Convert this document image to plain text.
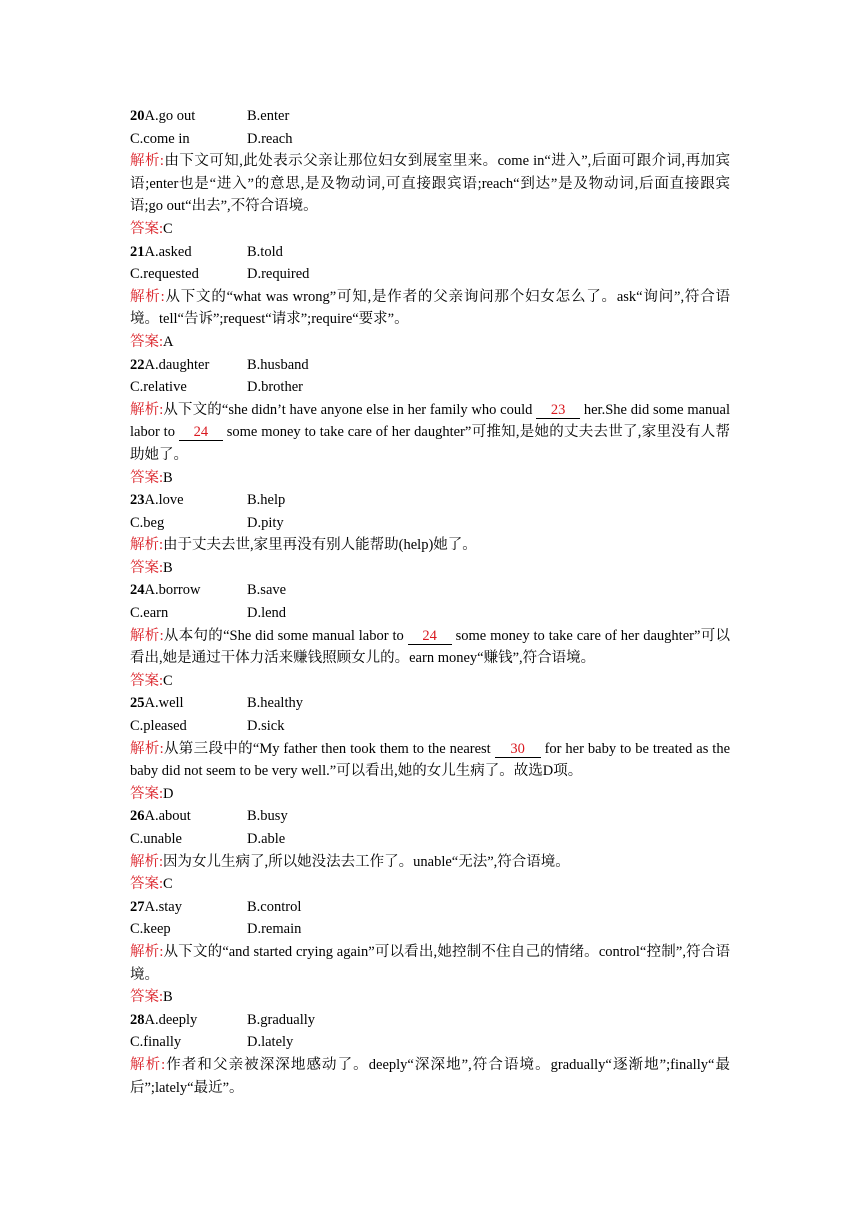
20A.go out	B.enter
C.come in	D.reach
解析:由下文可知,此处表示父亲让那位妇女到展室里来。come in“进入”,后面可跟介词,再加宾语;enter也是“进入”的意思,是及物动词,可直接跟宾语;reach“到达”是及物动词,后面直接跟宾语;go out“出去”,不符合语境。
答案:C
21A.asked	B.told
C.requested	D.required
解析:从下文的“what was wrong”可知,是作者的父亲询问那个妇女怎么了。ask“询问”,符合语境。tell“告诉”;request“请求”;require“要求”。
答案:A
22A.daughter	B.husband
C.relative	D.brother
解析:从下文的“she didn’t have anyone else in her family who could 23 her.She did some manual labor to 24 some money to take care of her daughter”可推知,是她的丈夫去世了,家里没有人帮助她了。
答案:B
23A.love	B.help
C.beg	D.pity
解析:由于丈夫去世,家里再没有别人能帮助(help)她了。
答案:B
24A.borrow	B.save
C.earn	D.lend
解析:从本句的“She did some manual labor to 24 some money to take care of her daughter”可以看出,她是通过干体力活来赚钱照顾女儿的。earn money“赚钱”,符合语境。
答案:C
25A.well	B.healthy
C.pleased	D.sick
解析:从第三段中的“My father then took them to the nearest 30 for her baby to be treated as the baby did not seem to be very well.”可以看出,她的女儿生病了。故选D项。
答案:D
26A.about	B.busy
C.unable	D.able
解析:因为女儿生病了,所以她没法去工作了。unable“无法”,符合语境。
答案:C
27A.stay	B.control
C.keep	D.remain
解析:从下文的“and started crying again”可以看出,她控制不住自己的情绪。control“控制”,符合语境。
答案:B
28A.deeply	B.gradually
C.finally	D.lately
解析:作者和父亲被深深地感动了。deeply“深深地”,符合语境。gradually“逐渐地”;finally“最后”;lately“最近”。
